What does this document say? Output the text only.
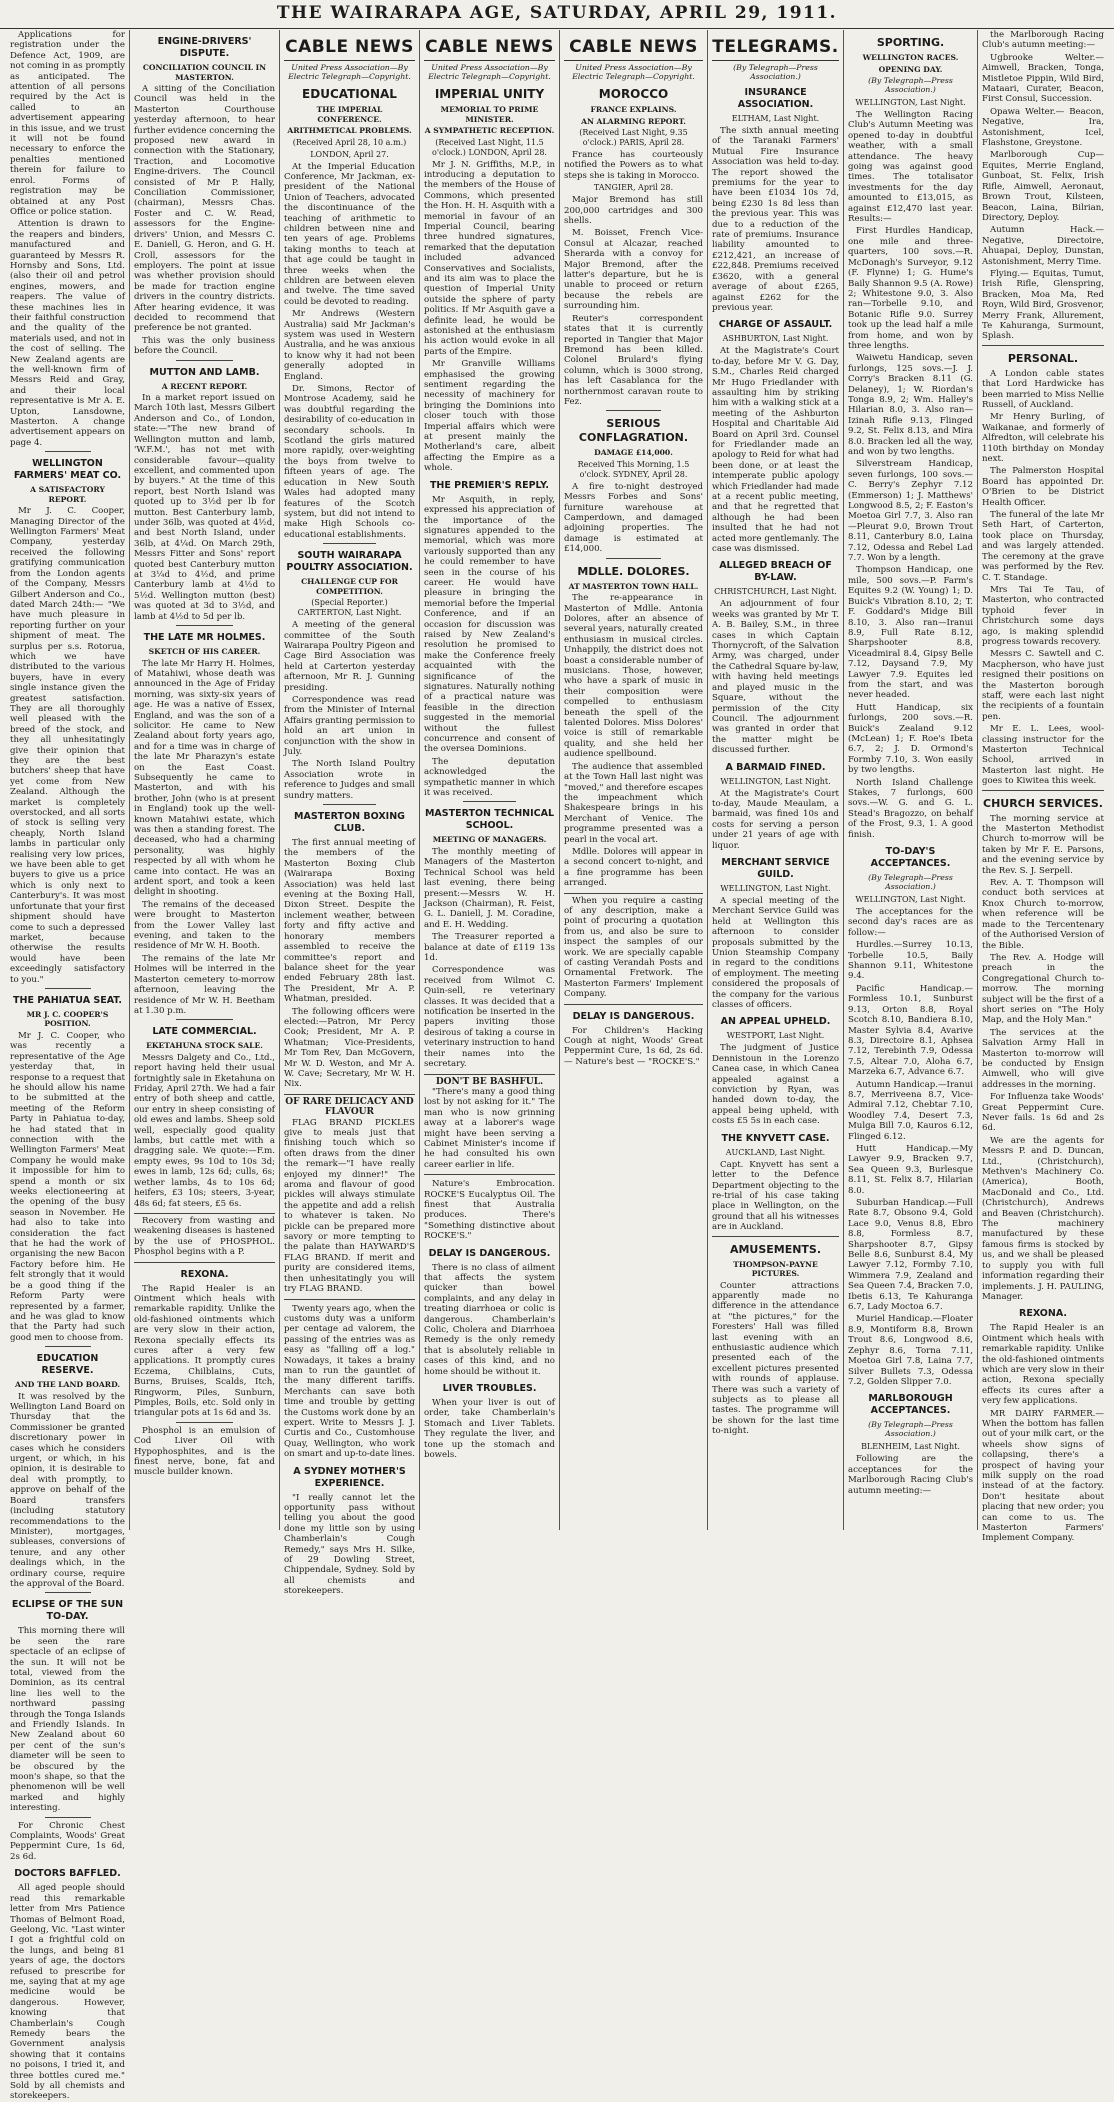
THE WAIRARAPA AGE, SATURDAY, APRIL 29, 1911.

Applications for registration under the Defence Act, 1909, are not coming in as promptly as anticipated. The attention of all persons required by the Act is called to an advertisement appearing in this issue, and we trust it will not be found necessary to enforce the penalties mentioned therein for failure to enrol. Forms of registration may be obtained at any Post Office or police station.

Attention is drawn to the reapers and binders, manufactured and guaranteed by Messrs R. Hornsby and Sons, Ltd. (also their oil and petrol engines, mowers, and reapers. The value of these machines lies in their faithful construction and the quality of the materials used, and not in the cost of selling. The New Zealand agents are the well-known firm of Messrs Reid and Gray, and their local representative is Mr A. E. Upton, Lansdowne, Masterton. A change advertisement appears on page 4.

WELLINGTON FARMERS' MEAT CO.
A SATISFACTORY REPORT.

Mr J. C. Cooper, Managing Director of the Wellington Farmers' Meat Company, yesterday received the following gratifying communication from the London agents of the Company, Messrs Gilbert Anderson and Co., dated March 24th:— "We have much pleasure in reporting further on your shipment of meat. The surplus per s.s. Rotorua, which we have distributed to the various buyers, have in every single instance given the greatest satisfaction. They are all thoroughly well pleased with the breed of the stock, and they all unhesitatingly give their opinion that they are the best butchers' sheep that have yet come from New Zealand. Although the market is completely overstocked, and all sorts of stock is selling very cheaply, North Island lambs in particular only realising very low prices, we have been able to get buyers to give us a price which is only next to Canterbury's. It was most unfortunate that your first shipment should have come to such a depressed market, because otherwise the results would have been exceedingly satisfactory to you."

THE PAHIATUA SEAT.
MR J. C. COOPER'S POSITION.

Mr J. C. Cooper, who was recently a representative of the Age yesterday that, in response to a request that he should allow his name to be submitted at the meeting of the Reform Party in Pahiatua to-day, he had stated that in connection with the Wellington Farmers' Meat Company he would make it impossible for him to spend a month or six weeks electioneering at the opening of the busy season in November. He had also to take into consideration the fact that he had the work of organising the new Bacon Factory before him. He felt strongly that it would be a good thing if the Reform Party were represented by a farmer, and he was glad to know that the Party had such good men to choose from.

EDUCATION RESERVE.
AND THE LAND BOARD.

It was resolved by the Wellington Land Board on Thursday that the Commissioner be granted discretionary power in cases which he considers urgent, or which, in his opinion, it is desirable to deal with promptly, to approve on behalf of the Board transfers (including statutory recommendations to the Minister), mortgages, subleases, conversions of tenure, and any other dealings which, in the ordinary course, require the approval of the Board.

ECLIPSE OF THE SUN TO-DAY.

This morning there will be seen the rare spectacle of an eclipse of the sun. It will not be total, viewed from the Dominion, as its central line lies well to the northward passing through the Tonga Islands and Friendly Islands. In New Zealand about 60 per cent of the sun's diameter will be seen to be obscured by the moon's shape, so that the phenomenon will be well marked and highly interesting.

For Chronic Chest Complaints, Woods' Great Peppermint Cure, 1s 6d, 2s 6d.

DOCTORS BAFFLED.

All aged people should read this remarkable letter from Mrs Patience Thomas of Belmont Road, Geelong, Vic. "Last winter I got a frightful cold on the lungs, and being 81 years of age, the doctors refused to prescribe for me, saying that at my age medicine would be dangerous. However, knowing that Chamberlain's Cough Remedy bears the Government analysis showing that it contains no poisons, I tried it, and three bottles cured me." Sold by all chemists and storekeepers.

ENGINE-DRIVERS' DISPUTE.
CONCILIATION COUNCIL IN MASTERTON.

A sitting of the Conciliation Council was held in the Masterton Courthouse yesterday afternoon, to hear further evidence concerning the proposed new award in connection with the Stationary, Traction, and Locomotive Engine-drivers. The Council consisted of Mr P. Hally, Conciliation Commissioner, (chairman), Messrs Chas. Foster and C. W. Read, assessors for the Engine-drivers' Union, and Messrs C. E. Daniell, G. Heron, and G. H. Croll, assessors for the employers. The point at issue was whether provision should be made for traction engine drivers in the country districts. After hearing evidence, it was decided to recommend that preference be not granted.

This was the only business before the Council.

MUTTON AND LAMB.
A RECENT REPORT.

In a market report issued on March 10th last, Messrs Gilbert Anderson and Co., of London, state:—"The new brand of Wellington mutton and lamb, 'W.F.M.', has not met with considerable favour—quality excellent, and commented upon by buyers." At the time of this report, best North Island was quoted up to 3½d per lb for mutton. Best Canterbury lamb, under 36lb, was quoted at 4½d, and best North Island, under 36lb, at 4¼d. On March 29th, Messrs Fitter and Sons' report quoted best Canterbury mutton at 3¼d to 4½d, and prime Canterbury lamb at 4½d to 5½d. Wellington mutton (best) was quoted at 3d to 3½d, and lamb at 4½d to 5d per lb.

THE LATE MR HOLMES.
SKETCH OF HIS CAREER.

The late Mr Harry H. Holmes, of Matahiwi, whose death was announced in the Age of Friday morning, was sixty-six years of age. He was a native of Essex, England, and was the son of a solicitor. He came to New Zealand about forty years ago, and for a time was in charge of the late Mr Pharazyn's estate on the East Coast. Subsequently he came to Masterton, and with his brother, John (who is at present in England) took up the well-known Matahiwi estate, which was then a standing forest. The deceased, who had a charming personality, was highly respected by all with whom he came into contact. He was an ardent sport, and took a keen delight in shooting.

The remains of the deceased were brought to Masterton from the Lower Valley last evening, and taken to the residence of Mr W. H. Booth.

The remains of the late Mr Holmes will be interred in the Masterton cemetery to-morrow afternoon, leaving the residence of Mr W. H. Beetham at 1.30 p.m.

LATE COMMERCIAL.
EKETAHUNA STOCK SALE.

Messrs Dalgety and Co., Ltd., report having held their usual fortnightly sale in Eketahuna on Friday, April 27th. We had a fair entry of both sheep and cattle, our entry in sheep consisting of old ewes and lambs. Sheep sold well, especially good quality lambs, but cattle met with a dragging sale. We quote:—F.m. empty ewes, 9s 10d to 10s 3d; ewes in lamb, 12s 6d; culls, 6s; wether lambs, 4s to 10s 6d; heifers, £3 10s; steers, 3-year, 48s 6d; fat steers, £5 6s.

Recovery from wasting and weakening diseases is hastened by the use of PHOSPHOL. Phosphol begins with a P.

REXONA.

The Rapid Healer is an Ointment which heals with remarkable rapidity. Unlike the old-fashioned ointments which are very slow in their action, Rexona specially effects its cures after a very few applications. It promptly cures Eczema, Chilblains, Cuts, Burns, Bruises, Scalds, Itch, Ringworm, Piles, Sunburn, Pimples, Boils, etc. Sold only in triangular pots at 1s 6d and 3s.

Phosphol is an emulsion of Cod Liver Oil with Hypophosphites, and is the finest nerve, bone, fat and muscle builder known.

CABLE NEWS
United Press Association—By Electric Telegraph—Copyright.
EDUCATIONAL
THE IMPERIAL CONFERENCE.
ARITHMETICAL PROBLEMS.
(Received April 28, 10 a.m.)
LONDON, April 27.

At the Imperial Education Conference, Mr Jackman, ex-president of the National Union of Teachers, advocated the discontinuance of the teaching of arithmetic to children between nine and ten years of age. Problems taking months to teach at that age could be taught in three weeks when the children are between eleven and twelve. The time saved could be devoted to reading.

Mr Andrews (Western Australia) said Mr Jackman's system was used in Western Australia, and he was anxious to know why it had not been generally adopted in England.

Dr. Simons, Rector of Montrose Academy, said he was doubtful regarding the desirability of co-education in secondary schools. In Scotland the girls matured more rapidly, over-weighting the boys from twelve to fifteen years of age. The education in New South Wales had adopted many features of the Scotch system, but did not intend to make High Schools co-educational establishments.

SOUTH WAIRARAPA POULTRY ASSOCIATION.
CHALLENGE CUP FOR COMPETITION.
(Special Reporter.) CARTERTON, Last Night.

A meeting of the general committee of the South Wairarapa Poultry Pigeon and Cage Bird Association was held at Carterton yesterday afternoon, Mr R. J. Gunning presiding.

Correspondence was read from the Minister of Internal Affairs granting permission to hold an art union in conjunction with the show in July.

The North Island Poultry Association wrote in reference to Judges and small sundry matters.

MASTERTON BOXING CLUB.

The first annual meeting of the members of the Masterton Boxing Club (Wairarapa Boxing Association) was held last evening at the Boxing Hall, Dixon Street. Despite the inclement weather, between forty and fifty active and honorary members assembled to receive the committee's report and balance sheet for the year ended February 28th last. The President, Mr A. P. Whatman, presided.

The following officers were elected:—Patron, Mr Percy Cook; President, Mr A. P. Whatman; Vice-Presidents, Mr Tom Rev, Dan McGovern, Mr W. D. Weston, and Mr A. W. Cave; Secretary, Mr W. H. Nix.

OF RARE DELICACY AND FLAVOUR

FLAG BRAND PICKLES give to meals just that finishing touch which so often draws from the diner the remark—"I have really enjoyed my dinner!" The aroma and flavour of good pickles will always stimulate the appetite and add a relish to whatever is taken. No pickle can be prepared more savory or more tempting to the palate than HAYWARD'S FLAG BRAND. If merit and purity are considered items, then unhesitatingly you will try FLAG BRAND.

Twenty years ago, when the customs duty was a uniform per centage ad valorem, the passing of the entries was as easy as "falling off a log." Nowadays, it takes a brainy man to run the gauntlet of the many different tariffs. Merchants can save both time and trouble by getting the Customs work done by an expert. Write to Messrs J. J. Curtis and Co., Customhouse Quay, Wellington, who work on smart and up-to-date lines.

A SYDNEY MOTHER'S EXPERIENCE.

"I really cannot let the opportunity pass without telling you about the good done my little son by using Chamberlain's Cough Remedy," says Mrs H. Silke, of 29 Dowling Street, Chippendale, Sydney. Sold by all chemists and storekeepers.

CABLE NEWS
United Press Association—By Electric Telegraph—Copyright.
IMPERIAL UNITY
MEMORIAL TO PRIME MINISTER.
A SYMPATHETIC RECEPTION.
(Received Last Night, 11.5 o'clock.) LONDON, April 28.

Mr J. N. Griffiths, M.P., in introducing a deputation to the members of the House of Commons, which presented the Hon. H. H. Asquith with a memorial in favour of an Imperial Council, bearing three hundred signatures, remarked that the deputation included advanced Conservatives and Socialists, and its aim was to place the question of Imperial Unity outside the sphere of party politics. If Mr Asquith gave a definite lead, he would be astonished at the enthusiasm his action would evoke in all parts of the Empire.

Mr Granville Williams emphasised the growing sentiment regarding the necessity of machinery for bringing the Dominions into closer touch with those Imperial affairs which were at present mainly the Motherland's care, albeit affecting the Empire as a whole.

THE PREMIER'S REPLY.

Mr Asquith, in reply, expressed his appreciation of the importance of the signatures appended to the memorial, which was more variously supported than any he could remember to have seen in the course of his career. He would have pleasure in bringing the memorial before the Imperial Conference, and if an occasion for discussion was raised by New Zealand's resolution he promised to make the Conference freely acquainted with the significance of the signatures. Naturally nothing of a practical nature was feasible in the direction suggested in the memorial without the fullest concurrence and consent of the oversea Dominions.

The deputation acknowledged the sympathetic manner in which it was received.

MASTERTON TECHNICAL SCHOOL.
MEETING OF MANAGERS.

The monthly meeting of Managers of the Masterton Technical School was held last evening, there being present:—Messrs W. H. Jackson (Chairman), R. Feist, G. L. Daniell, J. M. Coradine, and E. H. Wedding.

The Treasurer reported a balance at date of £119 13s 1d.

Correspondence was received from Wilmot C. Quin-sell, re veterinary classes. It was decided that a notification be inserted in the papers inviting those desirous of taking a course in veterinary instruction to hand their names into the secretary.

DON'T BE BASHFUL.

"There's many a good thing lost by not asking for it." The man who is now grinning away at a laborer's wage might have been serving a Cabinet Minister's income if he had consulted his own career earlier in life.

Nature's Embrocation. ROCKE'S Eucalyptus Oil. The finest that Australia produces. There's "Something distinctive about ROCKE'S."

DELAY IS DANGEROUS.

There is no class of ailment that affects the system quicker than bowel complaints, and any delay in treating diarrhoea or colic is dangerous. Chamberlain's Colic, Cholera and Diarrhoea Remedy is the only remedy that is absolutely reliable in cases of this kind, and no home should be without it.

LIVER TROUBLES.

When your liver is out of order, take Chamberlain's Stomach and Liver Tablets. They regulate the liver, and tone up the stomach and bowels.

CABLE NEWS
United Press Association—By Electric Telegraph—Copyright.
MOROCCO
FRANCE EXPLAINS.
AN ALARMING REPORT.
(Received Last Night, 9.35 o'clock.) PARIS, April 28.

France has courteously notified the Powers as to what steps she is taking in Morocco.

TANGIER, April 28.

Major Bremond has still 200,000 cartridges and 300 shells.

M. Boisset, French Vice-Consul at Alcazar, reached Sherarda with a convoy for Major Bremond, after the latter's departure, but he is unable to proceed or return because the rebels are surrounding him.

Reuter's correspondent states that it is currently reported in Tangier that Major Bremond has been killed. Colonel Brulard's flying column, which is 3000 strong, has left Casablanca for the northernmost caravan route to Fez.

SERIOUS CONFLAGRATION.
DAMAGE £14,000.
Received This Morning, 1.5 o'clock. SYDNEY, April 28.

A fire to-night destroyed Messrs Forbes and Sons' furniture warehouse at Camperdown, and damaged adjoining properties. The damage is estimated at £14,000.

MDLLE. DOLORES.
AT MASTERTON TOWN HALL.

The re-appearance in Masterton of Mdlle. Antonia Dolores, after an absence of several years, naturally created enthusiasm in musical circles. Unhappily, the district does not boast a considerable number of musicians. Those, however, who have a spark of music in their composition were compelled to enthusiasm beneath the spell of the talented Dolores. Miss Dolores' voice is still of remarkable quality, and she held her audience spellbound.

The audience that assembled at the Town Hall last night was "moved," and therefore escapes the impeachment which Shakespeare brings in his Merchant of Venice. The programme presented was a pearl in the vocal art.

Mdlle. Dolores will appear in a second concert to-night, and a fine programme has been arranged.

When you require a casting of any description, make a point of procuring a quotation from us, and also be sure to inspect the samples of our work. We are specially capable of casting Verandah Posts and Ornamental Fretwork. The Masterton Farmers' Implement Company.

DELAY IS DANGEROUS.

For Children's Hacking Cough at night, Woods' Great Peppermint Cure, 1s 6d, 2s 6d. — Nature's best — "ROCKE'S."

TELEGRAMS.
(By Telegraph—Press Association.)
INSURANCE ASSOCIATION.
ELTHAM, Last Night.

The sixth annual meeting of the Taranaki Farmers' Mutual Fire Insurance Association was held to-day. The report showed the premiums for the year to have been £1034 10s 7d, being £230 1s 8d less than the previous year. This was due to a reduction of the rate of premiums. Insurance liability amounted to £212,421, an increase of £22,848. Premiums received £3620, with a general average of about £265, against £262 for the previous year.

CHARGE OF ASSAULT.
ASHBURTON, Last Night.

At the Magistrate's Court to-day, before Mr V. G. Day, S.M., Charles Reid charged Mr Hugo Friedlander with assaulting him by striking him with a walking stick at a meeting of the Ashburton Hospital and Charitable Aid Board on April 3rd. Counsel for Friedlander made an apology to Reid for what had been done, or at least the intemperate public apology which Friedlander had made at a recent public meeting, and that he regretted that although he had been insulted that he had not acted more gentlemanly. The case was dismissed.

ALLEGED BREACH OF BY-LAW.
CHRISTCHURCH, Last Night.

An adjournment of four weeks was granted by Mr T. A. B. Bailey, S.M., in three cases in which Captain Thornycroft, of the Salvation Army, was charged, under the Cathedral Square by-law, with having held meetings and played music in the Square, without the permission of the City Council. The adjournment was granted in order that the matter might be discussed further.

A BARMAID FINED.
WELLINGTON, Last Night.

At the Magistrate's Court to-day, Maude Meaulam, a barmaid, was fined 10s and costs for serving a person under 21 years of age with liquor.

MERCHANT SERVICE GUILD.
WELLINGTON, Last Night.

A special meeting of the Merchant Service Guild was held at Wellington this afternoon to consider proposals submitted by the Union Steamship Company in regard to the conditions of employment. The meeting considered the proposals of the company for the various classes of officers.

AN APPEAL UPHELD.
WESTPORT, Last Night.

The judgment of Justice Dennistoun in the Lorenzo Canea case, in which Canea appealed against a conviction by Ryan, was handed down to-day, the appeal being upheld, with costs £5 5s in each case.

THE KNYVETT CASE.
AUCKLAND, Last Night.

Capt. Knyvett has sent a letter to the Defence Department objecting to the re-trial of his case taking place in Wellington, on the ground that all his witnesses are in Auckland.

AMUSEMENTS.
THOMPSON-PAYNE PICTURES.

Counter attractions apparently made no difference in the attendance at "the pictures," for the Foresters' Hall was filled last evening with an enthusiastic audience which presented each of the excellent pictures presented with rounds of applause. There was such a variety of subjects as to please all tastes. The programme will be shown for the last time to-night.

SPORTING.
WELLINGTON RACES.
OPENING DAY.
(By Telegraph—Press Association.)
WELLINGTON, Last Night.

The Wellington Racing Club's Autumn Meeting was opened to-day in doubtful weather, with a small attendance. The heavy going was against good times. The totalisator investments for the day amounted to £13,015, as against £12,470 last year. Results:—

First Hurdles Handicap, one mile and three-quarters, 100 sovs.—R. McDonagh's Surveyor, 9.12 (F. Flynne) 1; G. Hume's Baily Shannon 9.5 (A. Rowe) 2; Whitestone 9.0, 3. Also ran—Torbelle 9.10, and Botanic Rifle 9.0. Surrey took up the lead half a mile from home, and won by three lengths.

Waiwetu Handicap, seven furlongs, 125 sovs.—J. J. Corry's Bracken 8.11 (G. Delaney), 1; W. Riordan's Tonga 8.9, 2; Wm. Halley's Hilarian 8.0, 3. Also ran—Izinah Rifle 9.13, Flinged 9.2, St. Felix 8.13, and Mira 8.0. Bracken led all the way, and won by two lengths.

Silverstream Handicap, seven furlongs, 100 sovs.—C. Berry's Zephyr 7.12 (Emmerson) 1; J. Matthews' Longwood 8.5, 2; F. Easton's Moetoa Girl 7.7, 3. Also ran—Pleurat 9.0, Brown Trout 8.11, Canterbury 8.0, Laina 7.12, Odessa and Rebel Lad 7.7. Won by a length.

Thompson Handicap, one mile, 500 sovs.—P. Farm's Equites 9.2 (W. Young) 1; D. Buick's Vibration 8.10, 2; T. F. Goddard's Midge Bill 8.10, 3. Also ran—Iranui 8.9, Full Rate 8.12, Sharpshooter 8.8, Viceadmiral 8.4, Gipsy Belle 7.12, Daysand 7.9, My Lawyer 7.9. Equites led from the start, and was never headed.

Hutt Handicap, six furlongs, 200 sovs.—R. Buick's Zealand 9.12 (McLean) 1; F. Roe's Ibeta 6.7, 2; J. D. Ormond's Formby 7.10, 3. Won easily by two lengths.

North Island Challenge Stakes, 7 furlongs, 600 sovs.—W. G. and G. L. Stead's Bragozzo, on behalf of the Frost, 9.3, 1. A good finish.

TO-DAY'S ACCEPTANCES.
(By Telegraph—Press Association.)
WELLINGTON, Last Night.

The acceptances for the second day's races are as follow:—

Hurdles.—Surrey 10.13, Torbelle 10.5, Baily Shannon 9.11, Whitestone 9.4.

Pacific Handicap.—Formless 10.1, Sunburst 9.13, Orton 8.8, Royal Scotch 8.10, Bandiera 8.10, Master Sylvia 8.4, Avarive 8.3, Directoire 8.1, Aphsea 7.12, Terebinth 7.9, Odessa 7.5, Altear 7.0, Aloha 6.7, Marzeka 6.7, Advance 6.7.

Autumn Handicap.—Iranui 8.7, Merriveena 8.7, Vice-Admiral 7.12, Chebtar 7.10, Woodley 7.4, Desert 7.3, Mulga Bill 7.0, Kauros 6.12, Flinged 6.12.

Hutt Handicap.—My Lawyer 9.9, Bracken 9.7, Sea Queen 9.3, Burlesque 8.11, St. Felix 8.7, Hilarian 8.0.

Suburban Handicap.—Full Rate 8.7, Obsono 9.4, Gold Lace 9.0, Venus 8.8, Ebro 8.8, Formless 8.7, Sharpshooter 8.7, Gipsy Belle 8.6, Sunburst 8.4, My Lawyer 7.12, Formby 7.10, Wimmera 7.9, Zealand and Sea Queen 7.4, Bracken 7.0, Ibetis 6.13, Te Kahuranga 6.7, Lady Moctoa 6.7.

Muriel Handicap.—Floater 8.9, Montiform 8.8, Brown Trout 8.6, Longwood 8.6, Zephyr 8.6, Torna 7.11, Moetoa Girl 7.8, Laina 7.7, Silver Bullets 7.3, Odessa 7.2, Golden Slipper 7.0.

MARLBOROUGH ACCEPTANCES.
(By Telegraph—Press Association.)
BLENHEIM, Last Night.

Following are the acceptances for the Marlborough Racing Club's autumn meeting:—

the Marlborough Racing Club's autumn meeting:—

Ugbrooke Welter.— Aimwell, Bracken, Tonga, Mistletoe Pippin, Wild Bird, Mataari, Curater, Beacon, First Consul, Succession.

Opawa Welter.— Beacon, Negative, Ira, Astonishment, Icel, Flashstone, Greystone.

Marlborough Cup— Equites, Merrie England, Gunboat, St. Felix, Irish Rifle, Aimwell, Aeronaut, Brown Trout, Kilsteen, Beacon, Laina, Bilrian, Directory, Deploy.

Autumn Hack.— Negative, Directoire, Ahuapai, Deploy, Dunstan, Astonishment, Merry Time.

Flying.— Equitas, Tumut, Irish Rifle, Glenspring, Bracken, Moa Ma, Red Royn, Wild Bird, Grosvenor, Merry Frank, Allurement, Te Kahuranga, Surmount, Splash.

PERSONAL.

A London cable states that Lord Hardwicke has been married to Miss Nellie Russell, of Auckland.

Mr Henry Burling, of Waikanae, and formerly of Alfredton, will celebrate his 110th birthday on Monday next.

The Palmerston Hospital Board has appointed Dr. O'Brien to be District Health Officer.

The funeral of the late Mr Seth Hart, of Carterton, took place on Thursday, and was largely attended. The ceremony at the grave was performed by the Rev. C. T. Standage.

Mrs Tai Te Tau, of Masterton, who contracted typhoid fever in Christchurch some days ago, is making splendid progress towards recovery.

Messrs C. Sawtell and C. Macpherson, who have just resigned their positions on the Masterton borough staff, were each last night the recipients of a fountain pen.

Mr E. L. Lees, wool-classing instructor for the Masterton Technical School, arrived in Masterton last night. He goes to Kiwitea this week.

CHURCH SERVICES.

The morning service at the Masterton Methodist Church to-morrow will be taken by Mr F. E. Parsons, and the evening service by the Rev. S. J. Serpell.

Rev. A. T. Thompson will conduct both services at Knox Church to-morrow, when reference will be made to the Tercentenary of the Authorised Version of the Bible.

The Rev. A. Hodge will preach in the Congregational Church to-morrow. The morning subject will be the first of a short series on "The Holy Map, and the Holy Man."

The services at the Salvation Army Hall in Masterton to-morrow will be conducted by Ensign Aimwell, who will give addresses in the morning.

For Influenza take Woods' Great Peppermint Cure. Never fails. 1s 6d and 2s 6d.

We are the agents for Messrs P. and D. Duncan, Ltd., (Christchurch), Methven's Machinery Co. (America), Booth, MacDonald and Co., Ltd. (Christchurch), Andrews and Beaven (Christchurch). The machinery manufactured by these famous firms is stocked by us, and we shall be pleased to supply you with full information regarding their implements. J. H. PAULING, Manager.

REXONA.

The Rapid Healer is an Ointment which heals with remarkable rapidity. Unlike the old-fashioned ointments which are very slow in their action, Rexona specially effects its cures after a very few applications.

MR DAIRY FARMER.— When the bottom has fallen out of your milk cart, or the wheels show signs of collapsing, there's a prospect of having your milk supply on the road instead of at the factory. Don't hesitate about placing that new order; you can come to us. The Masterton Farmers' Implement Company.
